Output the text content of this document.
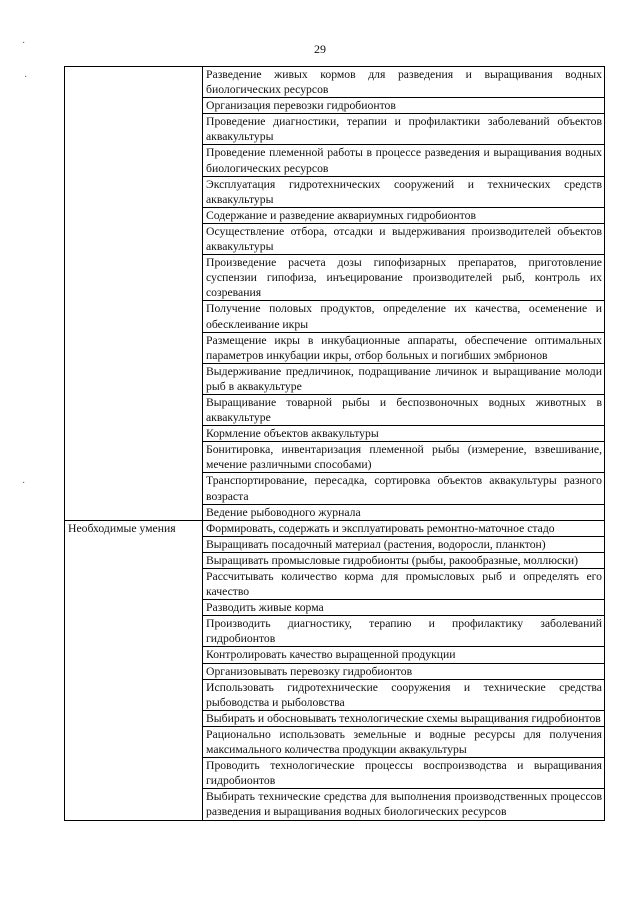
29
·
·
·
	Разведение живых кормов для разведения и выращивания водных биологических ресурсов
	Организация перевозки гидробионтов
	Проведение диагностики, терапии и профилактики заболеваний объектов аквакультуры
	Проведение племенной работы в процессе разведения и выращивания водных биологических ресурсов
	Эксплуатация гидротехнических сооружений и технических средств аквакультуры
	Содержание и разведение аквариумных гидробионтов
	Осуществление отбора, отсадки и выдерживания производителей объектов аквакультуры
	Произведение расчета дозы гипофизарных препаратов, приготовление суспензии гипофиза, инъецирование производителей рыб, контроль их созревания
	Получение половых продуктов, определение их качества, осеменение и обесклеивание икры
	Размещение икры в инкубационные аппараты, обеспечение оптимальных параметров инкубации икры, отбор больных и погибших эмбрионов
	Выдерживание предличинок, подращивание личинок и выращивание молоди рыб в аквакультуре
	Выращивание товарной рыбы и беспозвоночных водных животных в аквакультуре
	Кормление объектов аквакультуры
	Бонитировка, инвентаризация племенной рыбы (измерение, взвешивание, мечение различными способами)
	Транспортирование, пересадка, сортировка объектов аквакультуры разного возраста
	Ведение рыбоводного журнала
Необходимые умения	Формировать, содержать и эксплуатировать ремонтно-маточное стадо
	Выращивать посадочный материал (растения, водоросли, планктон)
	Выращивать промысловые гидробионты (рыбы, ракообразные, моллюски)
	Рассчитывать количество корма для промысловых рыб и определять его качество
	Разводить живые корма
	Производить диагностику, терапию и профилактику заболеваний гидробионтов
	Контролировать качество выращенной продукции
	Организовывать перевозку гидробионтов
	Использовать гидротехнические сооружения и технические средства рыбоводства и рыболовства
	Выбирать и обосновывать технологические схемы выращивания гидробионтов
	Рационально использовать земельные и водные ресурсы для получения максимального количества продукции аквакультуры
	Проводить технологические процессы воспроизводства и выращивания гидробионтов
	Выбирать технические средства для выполнения производственных процессов разведения и выращивания водных биологических ресурсов
